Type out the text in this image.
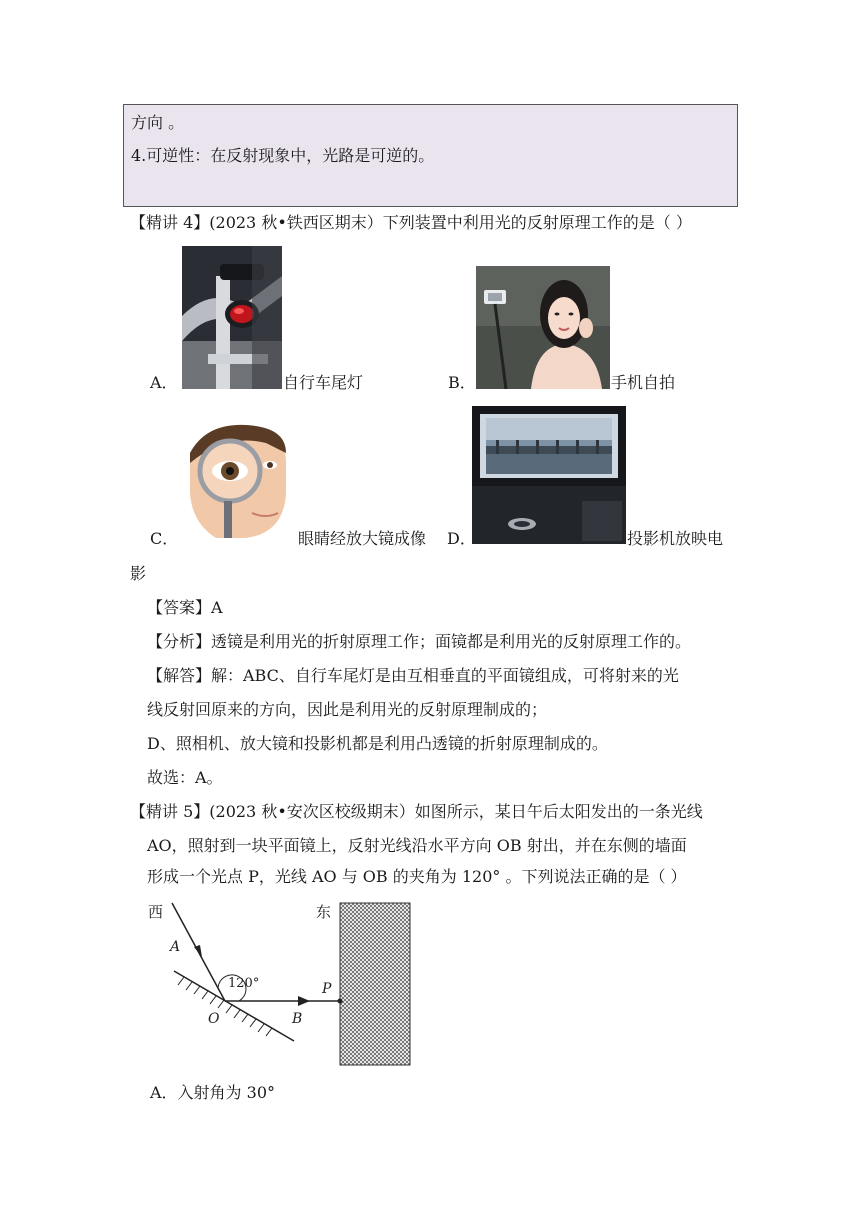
方向 。
4.可逆性：在反射现象中，光路是可逆的。
【精讲 4】(2023 秋•铁西区期末）下列装置中利用光的反射原理工作的是（ ）
A．	自行车尾灯	B．	手机自拍
C．	眼睛经放大镜成像 D．	投影机放映电
影
【答案】A
【分析】透镜是利用光的折射原理工作；面镜都是利用光的反射原理工作的。
【解答】解：ABC、自行车尾灯是由互相垂直的平面镜组成，可将射来的光
线反射回原来的方向，因此是利用光的反射原理制成的；
D、照相机、放大镜和投影机都是利用凸透镜的折射原理制成的。
故选：A。
【精讲 5】(2023 秋•安次区校级期末）如图所示，某日午后太阳发出的一条光线
AO，照射到一块平面镜上，反射光线沿水平方向 OB 射出，并在东侧的墙面
形成一个光点 P，光线 AO 与 OB 的夹角为 120° 。下列说法正确的是（ ）
西	东
A
120°
O	B
P
A．入射角为 30°
